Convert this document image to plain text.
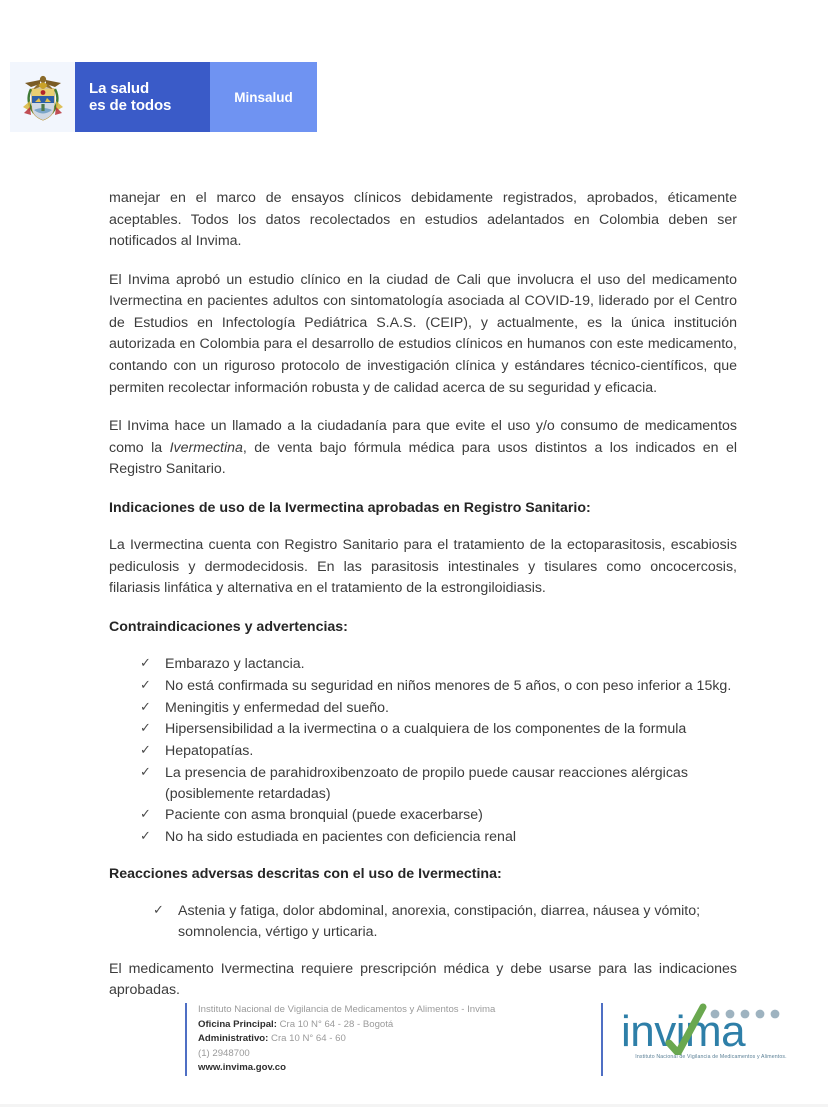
La salud
es de todos	Minsalud

manejar en el marco de ensayos clínicos debidamente registrados, aprobados, éticamente aceptables. Todos los datos recolectados en estudios adelantados en Colombia deben ser notificados al Invima.

El Invima aprobó un estudio clínico en la ciudad de Cali que involucra el uso del medicamento Ivermectina en pacientes adultos con sintomatología asociada al COVID-19, liderado por el Centro de Estudios en Infectología Pediátrica S.A.S. (CEIP), y actualmente, es la única institución autorizada en Colombia para el desarrollo de estudios clínicos en humanos con este medicamento, contando con un riguroso protocolo de investigación clínica y estándares técnico-científicos, que permiten recolectar información robusta y de calidad acerca de su seguridad y eficacia.

El Invima hace un llamado a la ciudadanía para que evite el uso y/o consumo de medicamentos como la Ivermectina, de venta bajo fórmula médica para usos distintos a los indicados en el Registro Sanitario.

Indicaciones de uso de la Ivermectina aprobadas en Registro Sanitario:

La Ivermectina cuenta con Registro Sanitario para el tratamiento de la ectoparasitosis, escabiosis pediculosis y dermodecidosis. En las parasitosis intestinales y tisulares como oncocercosis, filariasis linfática y alternativa en el tratamiento de la estrongiloidiasis.

Contraindicaciones y advertencias:
✓ Embarazo y lactancia.
✓ No está confirmada su seguridad en niños menores de 5 años, o con peso inferior a 15kg.
✓ Meningitis y enfermedad del sueño.
✓ Hipersensibilidad a la ivermectina o a cualquiera de los componentes de la formula
✓ Hepatopatías.
✓ La presencia de parahidroxibenzoato de propilo puede causar reacciones alérgicas (posiblemente retardadas)
✓ Paciente con asma bronquial (puede exacerbarse)
✓ No ha sido estudiada en pacientes con deficiencia renal
Reacciones adversas descritas con el uso de Ivermectina:
✓ Astenia y fatiga, dolor abdominal, anorexia, constipación, diarrea, náusea y vómito; somnolencia, vértigo y urticaria.

El medicamento Ivermectina requiere prescripción médica y debe usarse para las indicaciones aprobadas.

Instituto Nacional de Vigilancia de Medicamentos y Alimentos - Invima
Oficina Principal: Cra 10 N° 64 - 28 - Bogotá
Administrativo: Cra 10 N° 64 - 60
(1) 2948700
www.invima.gov.co
invima
Instituto Nacional de Vigilancia de Medicamentos y Alimentos.
